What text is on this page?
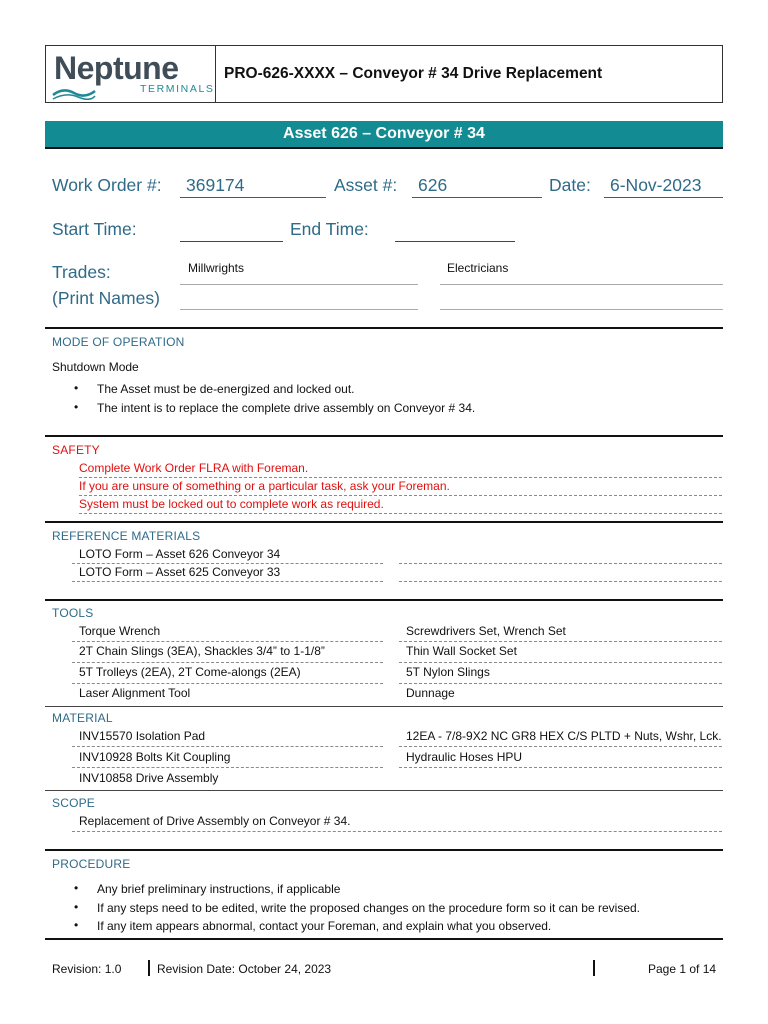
Neptune
TERMINALS
PRO-626-XXXX – Conveyor # 34 Drive Replacement
Asset 626 – Conveyor # 34
Work Order #:	369174	Asset #:	626	Date:	6-Nov-2023
Start Time:	End Time:
Trades:
(Print Names)
Millwrights	Electricians
MODE OF OPERATION
Shutdown Mode
• The Asset must be de-energized and locked out.
• The intent is to replace the complete drive assembly on Conveyor # 34.
SAFETY
Complete Work Order FLRA with Foreman.
If you are unsure of something or a particular task, ask your Foreman.
System must be locked out to complete work as required.
REFERENCE MATERIALS
LOTO Form – Asset 626 Conveyor 34
LOTO Form – Asset 625 Conveyor 33
TOOLS
Torque Wrench	Screwdrivers Set, Wrench Set
2T Chain Slings (3EA), Shackles 3/4” to 1-1/8”	Thin Wall Socket Set
5T Trolleys (2EA), 2T Come-alongs (2EA)	5T Nylon Slings
Laser Alignment Tool	Dunnage
MATERIAL
INV15570 Isolation Pad	12EA - 7/8-9X2 NC GR8 HEX C/S PLTD + Nuts, Wshr, Lck.
INV10928 Bolts Kit Coupling	Hydraulic Hoses HPU
INV10858 Drive Assembly
SCOPE
Replacement of Drive Assembly on Conveyor # 34.
PROCEDURE
• Any brief preliminary instructions, if applicable
• If any steps need to be edited, write the proposed changes on the procedure form so it can be revised.
• If any item appears abnormal, contact your Foreman, and explain what you observed.
Revision: 1.0	Revision Date: October 24, 2023	Page 1 of 14
